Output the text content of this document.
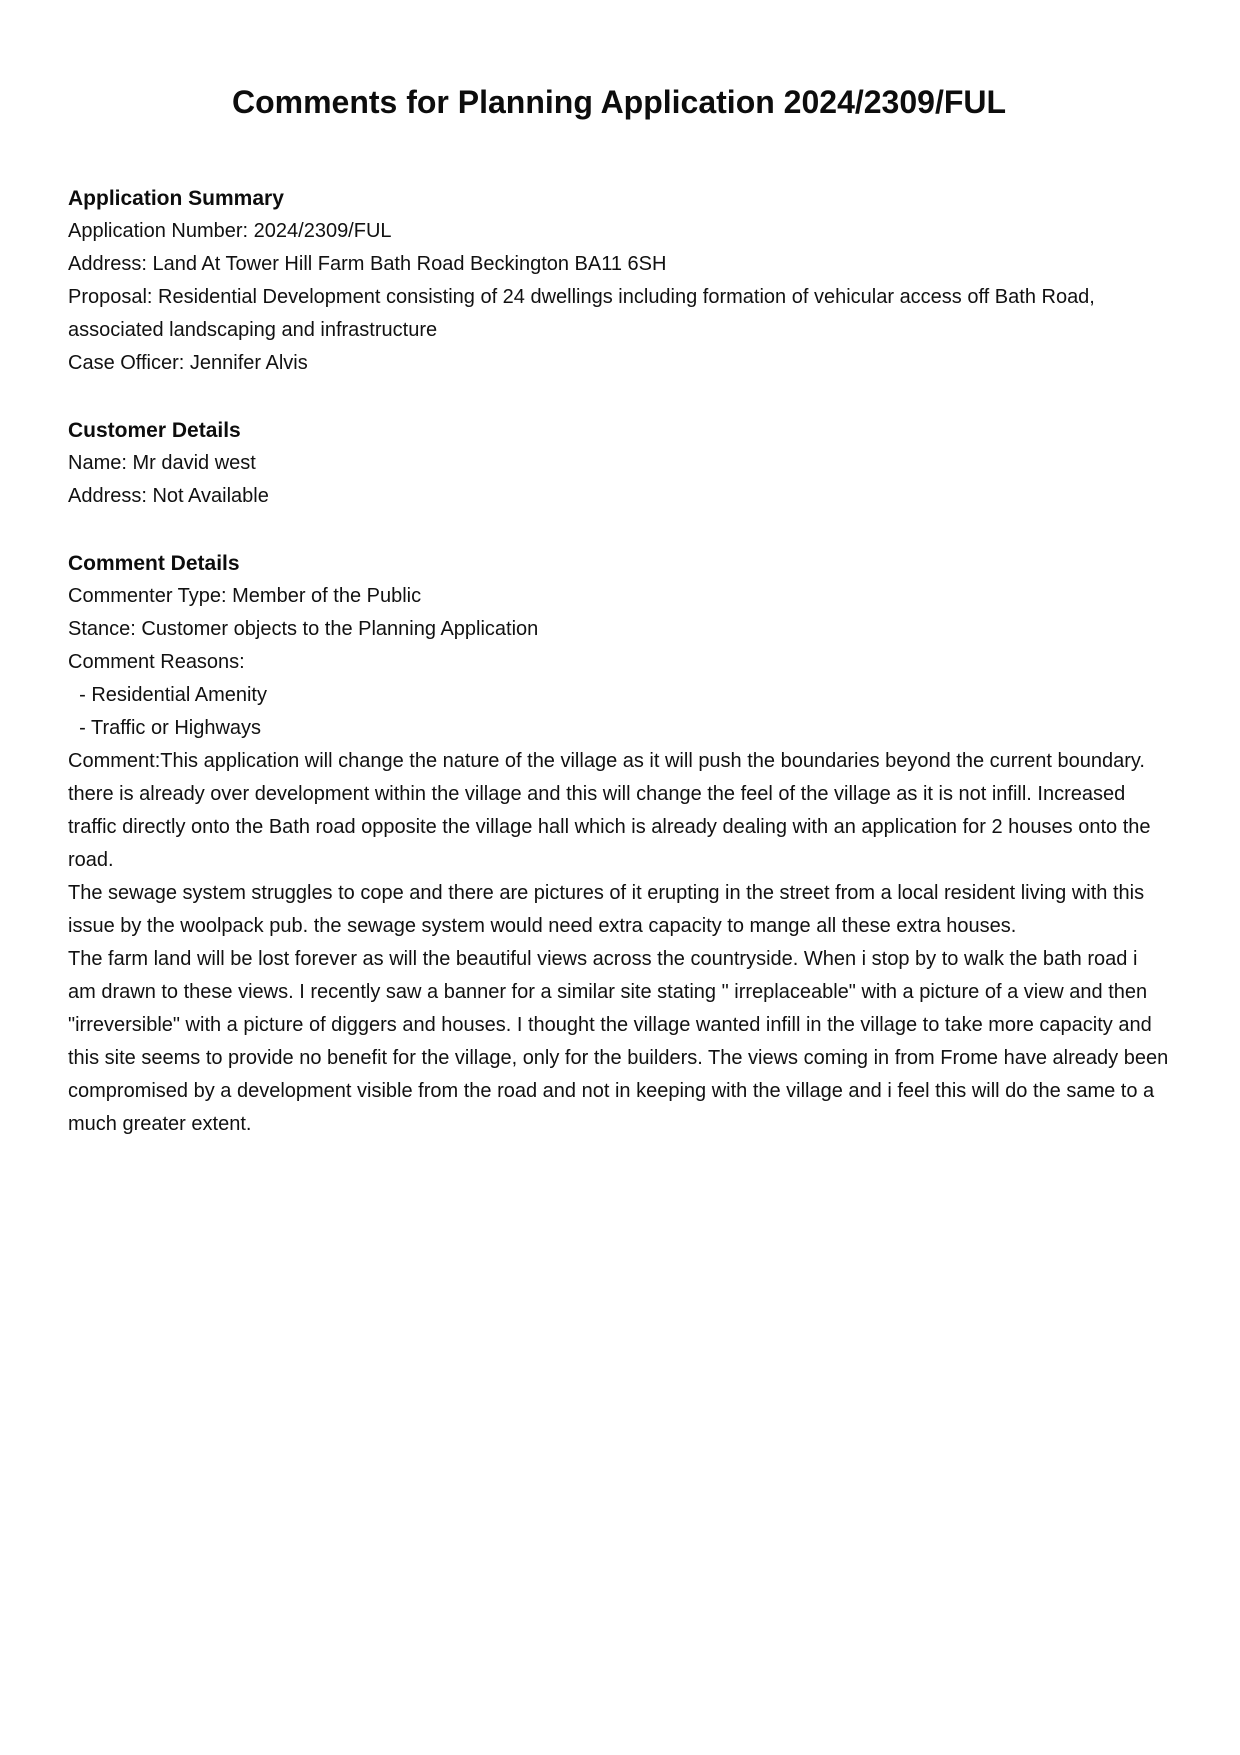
Comments for Planning Application 2024/2309/FUL
Application Summary
Application Number: 2024/2309/FUL
Address: Land At Tower Hill Farm Bath Road Beckington BA11 6SH
Proposal: Residential Development consisting of 24 dwellings including formation of vehicular access off Bath Road, associated landscaping and infrastructure
Case Officer: Jennifer Alvis
Customer Details
Name: Mr david west
Address: Not Available
Comment Details
Commenter Type: Member of the Public
Stance: Customer objects to the Planning Application
Comment Reasons:
- Residential Amenity
- Traffic or Highways

Comment:This application will change the nature of the village as it will push the boundaries beyond the current boundary. there is already over development within the village and this will change the feel of the village as it is not infill. Increased traffic directly onto the Bath road opposite the village hall which is already dealing with an application for 2 houses onto the road.

The sewage system struggles to cope and there are pictures of it erupting in the street from a local resident living with this issue by the woolpack pub. the sewage system would need extra capacity to mange all these extra houses.

The farm land will be lost forever as will the beautiful views across the countryside. When i stop by to walk the bath road i am drawn to these views. I recently saw a banner for a similar site stating " irreplaceable" with a picture of a view and then "irreversible" with a picture of diggers and houses. I thought the village wanted infill in the village to take more capacity and this site seems to provide no benefit for the village, only for the builders. The views coming in from Frome have already been compromised by a development visible from the road and not in keeping with the village and i feel this will do the same to a much greater extent.
